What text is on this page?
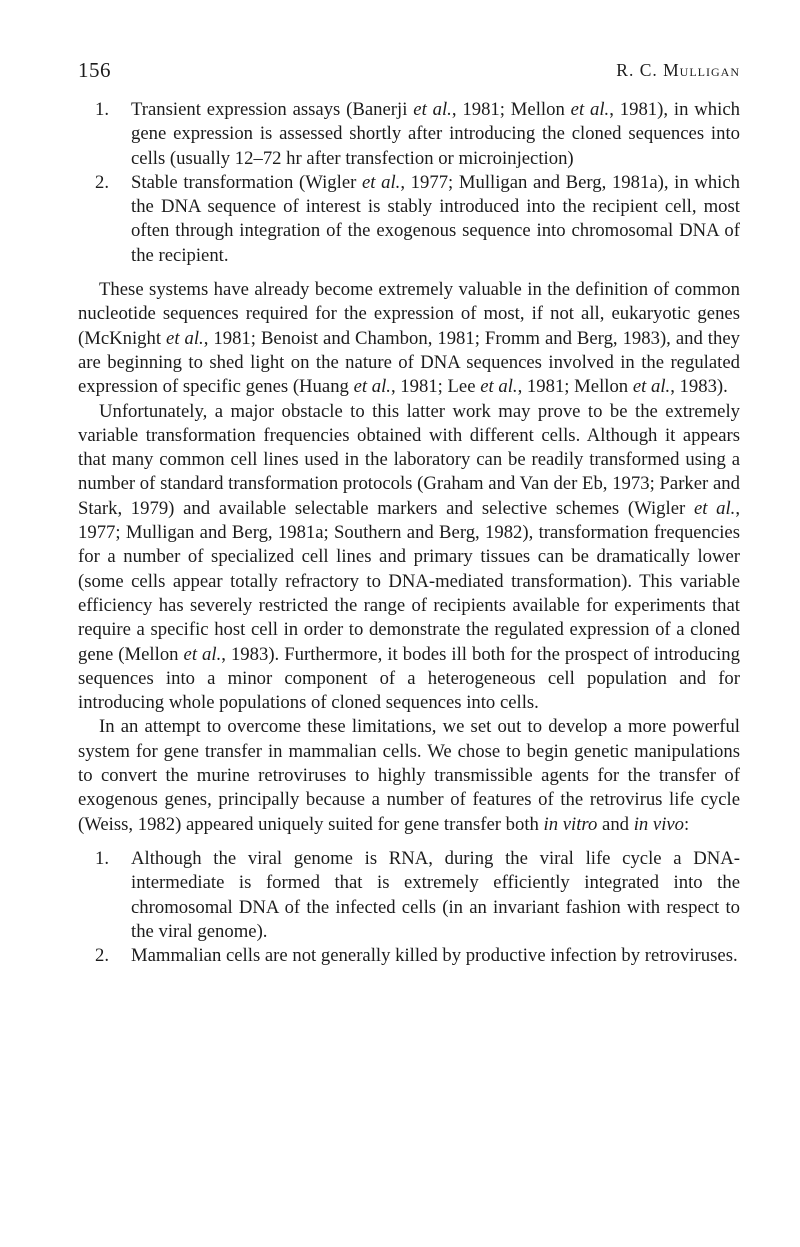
156	R. C. Mulligan
1. Transient expression assays (Banerji et al., 1981; Mellon et al., 1981), in which gene expression is assessed shortly after introducing the cloned sequences into cells (usually 12–72 hr after transfection or microinjection)
2. Stable transformation (Wigler et al., 1977; Mulligan and Berg, 1981a), in which the DNA sequence of interest is stably introduced into the recipient cell, most often through integration of the exogenous sequence into chromosomal DNA of the recipient.

These systems have already become extremely valuable in the definition of common nucleotide sequences required for the expression of most, if not all, eukaryotic genes (McKnight et al., 1981; Benoist and Chambon, 1981; Fromm and Berg, 1983), and they are beginning to shed light on the nature of DNA sequences involved in the regulated expression of specific genes (Huang et al., 1981; Lee et al., 1981; Mellon et al., 1983).

Unfortunately, a major obstacle to this latter work may prove to be the extremely variable transformation frequencies obtained with different cells. Although it appears that many common cell lines used in the laboratory can be readily transformed using a number of standard transformation protocols (Graham and Van der Eb, 1973; Parker and Stark, 1979) and available selectable markers and selective schemes (Wigler et al., 1977; Mulligan and Berg, 1981a; Southern and Berg, 1982), transformation frequencies for a number of specialized cell lines and primary tissues can be dramatically lower (some cells appear totally refractory to DNA-mediated transformation). This variable efficiency has severely restricted the range of recipients available for experiments that require a specific host cell in order to demonstrate the regulated expression of a cloned gene (Mellon et al., 1983). Furthermore, it bodes ill both for the prospect of introducing sequences into a minor component of a heterogeneous cell population and for introducing whole populations of cloned sequences into cells.

In an attempt to overcome these limitations, we set out to develop a more powerful system for gene transfer in mammalian cells. We chose to begin genetic manipulations to convert the murine retroviruses to highly transmissible agents for the transfer of exogenous genes, principally because a number of features of the retrovirus life cycle (Weiss, 1982) appeared uniquely suited for gene transfer both in vitro and in vivo:

1. Although the viral genome is RNA, during the viral life cycle a DNA-intermediate is formed that is extremely efficiently integrated into the chromosomal DNA of the infected cells (in an invariant fashion with respect to the viral genome).
2. Mammalian cells are not generally killed by productive infection by retroviruses.
